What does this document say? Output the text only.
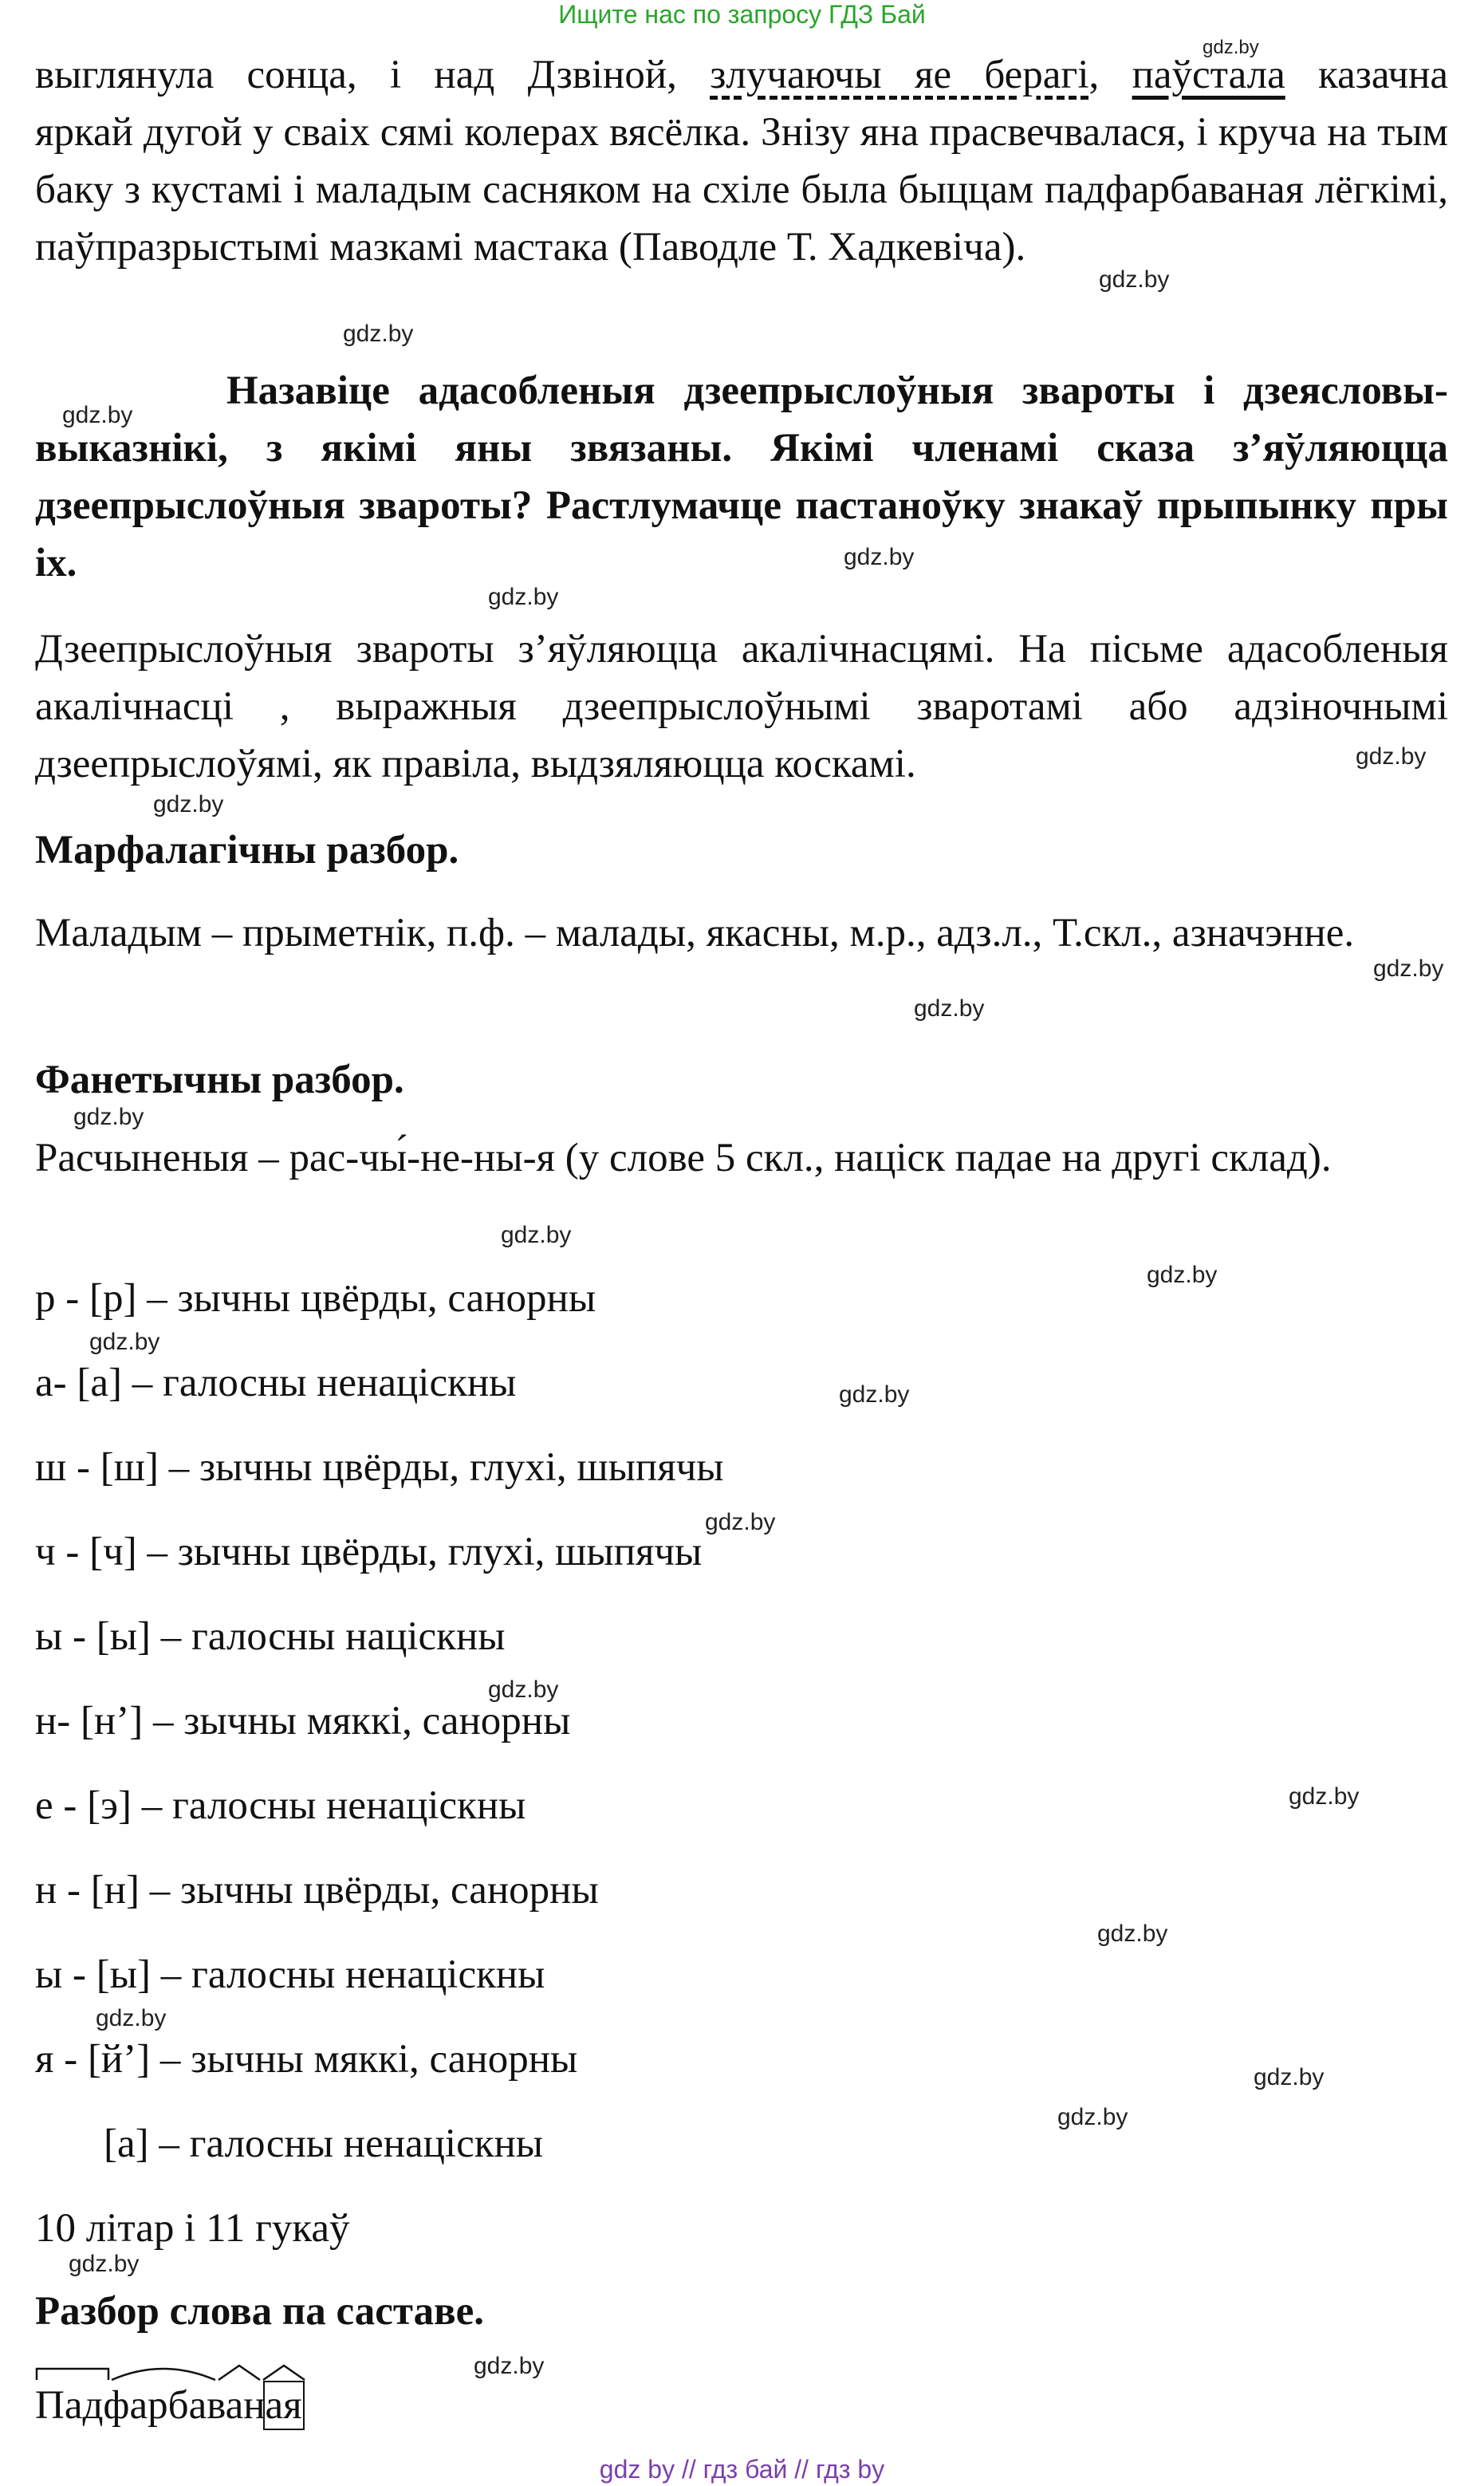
Ищите нас по запросу ГДЗ Бай
выглянула сонца, і над Дзвіной, злучаючы яе берагі, паўстала казачна
яркай дугой у сваіх сямі колерах вясёлка. Знізу яна прасвечвалася, і круча на тым баку з кустамі і маладым сасняком на схіле была быццам падфарбаваная лёгкімі, паўпразрыстымі мазкамі мастака (Паводле Т. Хадкевіча).
Назавіце адасобленыя дзеепрыслоўныя звароты і дзеясловы-выказнікі, з якімі яны звязаны. Якімі членамі сказа з’яўляюцца дзеепрыслоўныя звароты? Растлумачце пастаноўку знакаў прыпынку пры іх.
Дзеепрыслоўныя звароты з’яўляюцца акалічнасцямі. На пісьме адасобленыя акалічнасці , выражныя дзеепрыслоўнымі зваротамі або адзіночнымі дзеепрыслоўямі, як правіла, выдзяляюцца коскамі.
Марфалагічны разбор.
Маладым – прыметнік, п.ф. – малады, якасны, м.р., адз.л., Т.скл., азначэнне.
Фанетычны разбор.
Расчыненыя – рас-чы́-не-ны-я (у слове 5 скл., націск падае на другі склад).
р - [р] – зычны цвёрды, санорны
а- [а] – галосны ненаціскны
ш - [ш] – зычны цвёрды, глухі, шыпячы
ч - [ч] – зычны цвёрды, глухі, шыпячы
ы - [ы] – галосны націскны
н- [н’] – зычны мяккі, санорны
е - [э] – галосны ненаціскны
н - [н] – зычны цвёрды, санорны
ы - [ы] – галосны ненаціскны
я - [й’] – зычны мяккі, санорны
[а] – галосны ненаціскны
10 літар і 11 гукаў
Разбор слова па саставе.
Падфарбаваная
gdz.by
gdz.by
gdz.by
gdz.by
gdz.by
gdz.by
gdz.by
gdz.by
gdz.by
gdz.by
gdz.by
gdz.by
gdz.by
gdz.by
gdz.by
gdz.by
gdz.by
gdz.by
gdz.by
gdz.by
gdz.by
gdz.by
gdz.by
gdz.by
gdz by // гдз бай // гдз by
